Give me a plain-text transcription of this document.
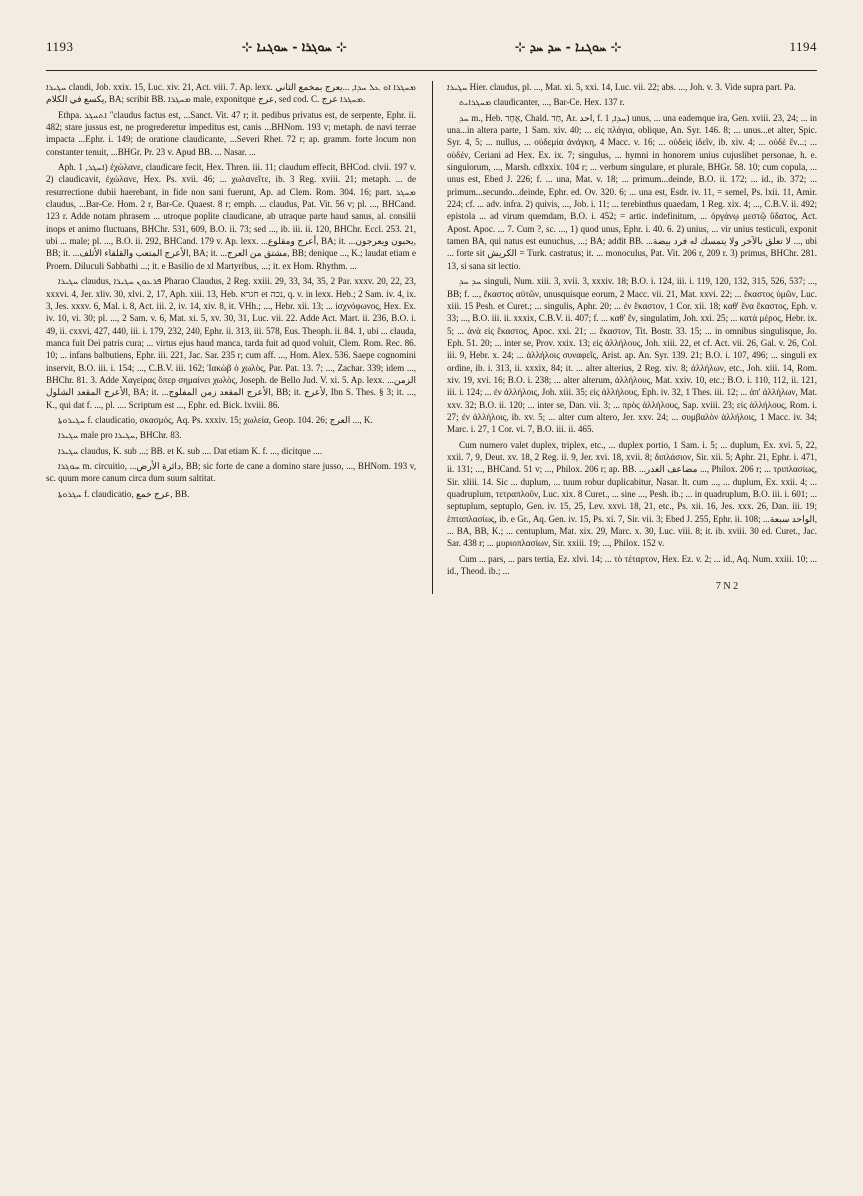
1193	⊹ ܚܘܓܪܐ - ܚܘܓܢܐ ⊹	⊹ ܚܘܓܢܐ - ܚܕ ܚܕ ⊹	1194

ܚܓܝܪܐ claudi, Job. xxix. 15, Luc. xiv. 21, Act. viii. 7. Ap. lexx. ܡܚܓܪܐ ܐܘ ܥܠ ܚܕܐ, ...يعرج بمخمع الثاني يكسع في الكلام, BA; scribit BB. ܡܚܓܪܐ male, exponitque عرج, sed cod. C. ܡܚܓܪܐ عرج.

Ethpa. ܐܬܚܓܪ "claudus factus est, ...Sanct. Vit. 47 r; it. pedibus privatus est, de serpente, Ephr. ii. 482; stare jussus est, ne progrederetur impeditus est, canis ...BHNom. 193 v; metaph. de navi terrae impacta ...Ephr. i. 149; de oratione claudicante, ...Severi Rhet. 72 r; ap. gramm. forte locum non constanter tenuit, ...BHGr. Pr. 23 v. Apud BB. ... Nasar. ...

Aph. ܐܚܓܪ, 1) ἐχώλανε, claudicare fecit, Hex. Thren. iii. 11; claudum effecit, BHCod. clvii. 197 v. 2) claudicavit, ἐχώλανε, Hex. Ps. xvii. 46; ... χωλανεῖτε, ib. 3 Reg. xviii. 21; metaph. ... de resurrectione dubii haerebant, in fide non sani fuerunt, Ap. ad Clem. Rom. 304. 16; part. ܡܚܓܪ claudus, ...Bar-Ce. Hom. 2 r, Bar-Ce. Quaest. 8 r; emph. ... claudus, Pat. Vit. 56 v; pl. ..., BHCand. 123 r. Adde notam phrasem ... utroque poplite claudicane, ab utraque parte haud sanus, al. consilii inops et animo fluctuans, BHChr. 531, 609, B.O. ii. 73; sed ..., ib. iii. ii. 120, BHChr. Eccl. 253. 21, ubi ... male; pl. ..., B.O. ii. 292, BHCand. 179 v. Ap. lexx. ...أعرج ومقلوع, BA; it. ...يحبون ويعرجون, BB; it. ...الأعرج المتعب والقلقاء الأثلف, BA; it. ...مشتق من العرج, BB; denique ..., K.; laudat etiam e Proem. Diluculi Sabbathi ...; it. e Basilio de xl Martyribus, ...; it. ex Hom. Rhythm. ...

ܚܓܝܪܐ claudus, ܦܪܥܘܢ ܚܓܝܪܐ Pharao Claudus, 2 Reg. xxiii. 29, 33, 34, 35, 2 Par. xxxv. 20, 22, 23, xxxvi. 4, Jer. xliv. 30, xlvi. 2, 17, Aph. xiii. 13, Heb. חגרא et נכה, q. v. in lexx. Heb.; 2 Sam. iv. 4, ix. 3, Jes. xxxv. 6, Mal. i. 8, Act. iii. 2, iv. 14, xiv. 8, it. VHh.; ..., Hebr. xii. 13; ... ἰσχνόφωνος, Hex. Ex. iv. 10, vi. 30; pl. ..., 2 Sam. v. 6, Mat. xi. 5, xv. 30, 31, Luc. vii. 22. Adde Act. Mart. ii. 236, B.O. i. 49, ii. cxxvi, 427, 440, iii. i. 179, 232, 240, Ephr. ii. 313, iii. 578, Eus. Theoph. ii. 84. 1, ubi ... clauda, manca fuit Dei patris cura; ... virtus ejus haud manca, tarda fuit ad quod voluit, Clem. Rom. Rec. 86. 10; ... infans balbutiens, Ephr. iii. 221, Jac. Sar. 235 r; cum aff. ..., Hom. Alex. 536. Saepe cognomini inservit, B.O. iii. i. 154; ..., C.B.V. iii. 162; Ἰακὼβ ὁ χωλὸς, Par. Pat. 13. 7; ..., Zachar. 339; idem ..., BHChr. 81. 3. Adde Χαγείρας ὅπερ σημαίνει χωλὸς, Joseph. de Bello Jud. V. xi. 5. Ap. lexx. ...الزمن الأعرج المقعد الشلول, BA; it. ...الأعرج المقعد زمن المفلوج, BB; it. لأعرج, Ibn S. Thes. § 3; it. ..., K., qui dat f. ..., pl. .... Scriptum est ..., Ephr. ed. Bick. lxviii. 86.

ܚܓܝܪܘܬܐ f. claudicatio, σκασμός, Aq. Ps. xxxiv. 15; χωλεία, Geop. 104. 26; العرج ..., K.

ܚܓܝܪܐ male pro ܚܓܝܪܐ, BHChr. 83.

ܚܓܝܪܐ claudus, K. sub ...; BB. et K. sub .... Dat etiam K. f. ..., dicitque ....

ܚܘܓܪܐ m. circuitio, ...دائرة الأرض, BB; sic forte de cane a domino stare jusso, ..., BHNom. 193 v, sc. quum more canum circa dum suum saltitat.

ܚܓܪܘܬܐ f. claudicatio, عرج خمع, BB.

ܚܓܝܪܐ Hier. claudus, pl. ..., Mat. xi. 5, xxi. 14, Luc. vii. 22; abs. ..., Joh. v. 3. Vide supra part. Pa.

ܡܚܓܪܐܝܬ claudicanter, ..., Bar-Ce. Hex. 137 r.

ܚܕ m., Heb. אֶחָד, Chald. חַד, Ar. احد, f. ܚܕܐ, 1) unus, ... una eademque ira, Gen. xviii. 23, 24; ... in una...in altera parte, 1 Sam. xiv. 40; ... εἰς πλάγια, oblique, An. Syr. 146. 8; ... unus...et alter, Spic. Syr. 4, 5; ... nullus, ... οὐδεμία ἀνάγκη, 4 Macc. v. 16; ... οὐδεὶς ἰδεῖν, ib. xiv. 4; ... οὐδὲ ἕν...; ... οὐδέν, Ceriani ad Hex. Ex. ix. 7; singulus, ... hymni in honorem unius cujuslibet personae, h. e. singulorum, ..., Marsh. cdlxxix. 104 r; ... verbum singulare, et plurale, BHGr. 58. 10; cum copula, ... unus est, Ebed J. 226; f. ... una, Mat. v. 18; ... primum...deinde, B.O. ii. 172; ... id., ib. 372; ... primum...secundo...deinde, Ephr. ed. Ov. 320. 6; ... una est, Esdr. iv. 11, = semel, Ps. lxii. 11, Amir. 224; cf. ... adv. infra. 2) quivis, ..., Job. i. 11; ... terebinthus quaedam, 1 Reg. xix. 4; ..., C.B.V. ii. 492; epistola ... ad virum quemdam, B.O. i. 452; = artic. indefinitum, ... ὀργάνῳ μεστῷ ὕδατος, Act. Apost. Apoc. ... 7. Cum ?, sc. ..., 1) quod unus, Ephr. i. 40. 6. 2) unius, ... vir unius testiculi, exponit tamen BA, qui natus est eunuchus, ...; BA; addit BB. ...لا تعلق بالآخر ولا يتمسك له فرد بيضة ..., ubi ... forte sit الكريش = Turk. castratus; it. ... monoculus, Pat. Vit. 206 r, 209 r. 3) primus, BHChr. 281. 13, si sana sit lectio.

ܚܕ ܚܕ singuli, Num. xiii. 3, xvii. 3, xxxiv. 18; B.O. i. 124, iii. i. 119, 120, 132, 315, 526, 537; ..., BB; f. ..., ἕκαστος αὐτῶν, unusquisque eorum, 2 Macc. vii. 21, Mat. xxvi. 22; ... ἕκαστος ὑμῶν, Luc. xiii. 15 Pesh. et Curet.; ... singulis, Aphr. 20; ... ἐν ἕκαστον, 1 Cor. xii. 18; καθ' ἕνα ἕκαστος, Eph. v. 33; ..., B.O. iii. ii. xxxix, C.B.V. ii. 407; f. ... καθ' ἕν, singulatim, Joh. xxi. 25; ... κατὰ μέρος, Hebr. ix. 5; ... ἀνὰ εἰς ἕκαστος, Apoc. xxi. 21; ... ἕκαστον, Tit. Bostr. 33. 15; ... in omnibus singulisque, Jo. Eph. 51. 20; ... inter se, Prov. xxix. 13; εἰς ἀλλήλους, Joh. xiii. 22, et cf. Act. vii. 26, Gal. v. 26, Col. iii. 9, Hebr. x. 24; ... ἀλλήλοις συναφεῖς, Arist. ap. An. Syr. 139. 21; B.O. i. 107, 496; ... singuli ex ordine, ib. i. 313, ii. xxxix, 84; it. ... alter alterius, 2 Reg. xiv. 8; ἀλλήλων, etc., Joh. xiii. 14, Rom. xiv. 19, xvi. 16; B.O. i. 238; ... alter alterum, ἀλλήλους, Mat. xxiv. 10, etc.; B.O. i. 110, 112, ii. 121, iii. i. 124; ... ἐν ἀλλήλοις, Joh. xiii. 35; εἰς ἀλλήλους, Eph. iv. 32, 1 Thes. iii. 12; ... ἀπ' ἀλλήλων, Mat. xxv. 32; B.O. ii. 120; ... inter se, Dan. vii. 3; ... πρὸς ἀλλήλους, Sap. xviii. 23; εἰς ἀλλήλους, Rom. i. 27; ἐν ἀλλήλοις, ib. xv. 5; ... alter cum altero, Jer. xxv. 24; ... συμβαλὸν ἀλλήλοις, 1 Macc. iv. 34; Marc. i. 27, 1 Cor. vi. 7, B.O. iii. ii. 465.

Cum numero valet duplex, triplex, etc., ... duplex portio, 1 Sam. i. 5; ... duplum, Ex. xvi. 5, 22, xxii. 7, 9, Deut. xv. 18, 2 Reg. ii. 9, Jer. xvi. 18, xvii. 8; διπλάσιον, Sir. xii. 5; Aphr. 21, Ephr. i. 471, ii. 131; ..., BHCand. 51 v; ..., Philox. 206 r; ap. BB. ...مضاعف الغدر ..., Philox. 206 r; ... τριπλασίως, Sir. xliii. 14. Sic ... duplum, ... tuum robur duplicabitur, Nasar. It. cum ..., ... duplum, Ex. xxii. 4; ... quadruplum, τετραπλοῦν, Luc. xix. 8 Curet., ... sine ..., Pesh. ib.; ... in quadruplum, B.O. iii. i. 601; ... septuplum, septuplo, Gen. iv. 15, 25, Lev. xxvi. 18, 21, etc., Ps. xii. 16, Jes. xxx. 26, Dan. iii. 19; ἑπταπλασίως, ib. e Gr., Aq. Gen. iv. 15, Ps. xi. 7, Sir. vii. 3; Ebed J. 255, Ephr. ii. 108; ...الواحد سبعة, ... BA, BB, K.; ... centuplum, Mat. xix. 29, Marc. x. 30, Luc. viii. 8; it. ib. xviii. 30 ed. Curet., Jac. Sar. 438 r; ... μυριοπλασίων, Sir. xxiii. 19; ..., Philox. 152 v.

Cum ... pars, ... pars tertia, Ez. xlvi. 14; ... τὸ τέταρτον, Hex. Ez. v. 2; ... id., Aq. Num. xxiii. 10; ... id., Theod. ib.; ...

7 N 2
